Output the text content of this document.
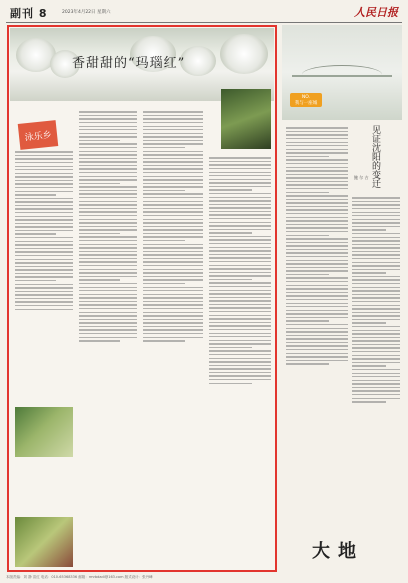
副刊 8	2023年4月22日 星期六	人民日报
香甜甜的“玛瑙红”
泳乐乡
NO.
我与一座城
见证沈阳的变迁
鲍 尔 吉
大地
本版责编：刘 静 苗红 电话：010-65368336 邮箱：rmrbdadi@163.com 版式设计：张丹峰
